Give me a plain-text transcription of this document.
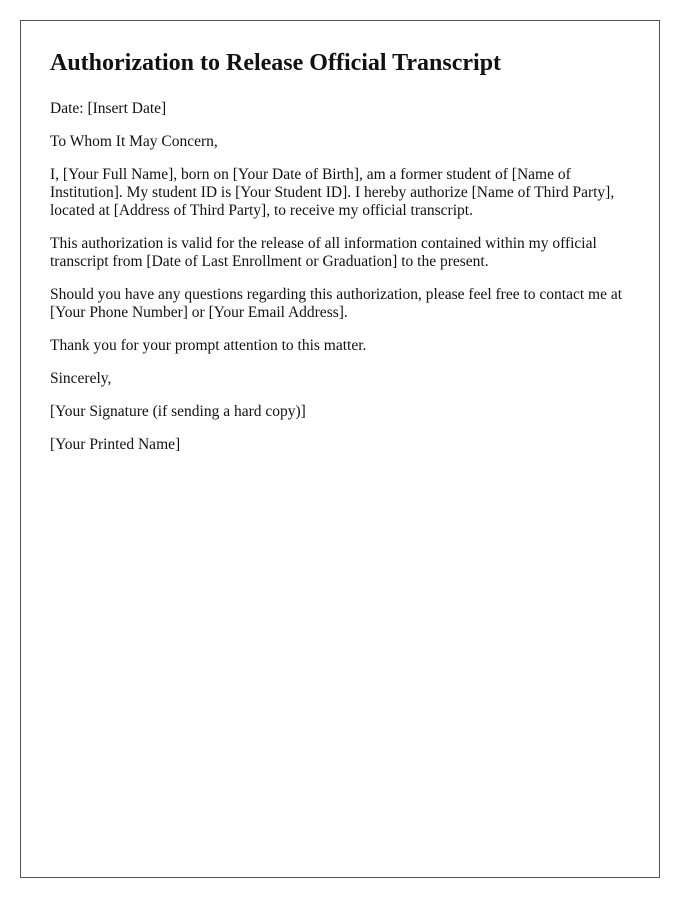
Authorization to Release Official Transcript

Date: [Insert Date]

To Whom It May Concern,

I, [Your Full Name], born on [Your Date of Birth], am a former student of [Name of Institution]. My student ID is [Your Student ID]. I hereby authorize [Name of Third Party], located at [Address of Third Party], to receive my official transcript.

This authorization is valid for the release of all information contained within my official transcript from [Date of Last Enrollment or Graduation] to the present.

Should you have any questions regarding this authorization, please feel free to contact me at [Your Phone Number] or [Your Email Address].

Thank you for your prompt attention to this matter.

Sincerely,

[Your Signature (if sending a hard copy)]

[Your Printed Name]
